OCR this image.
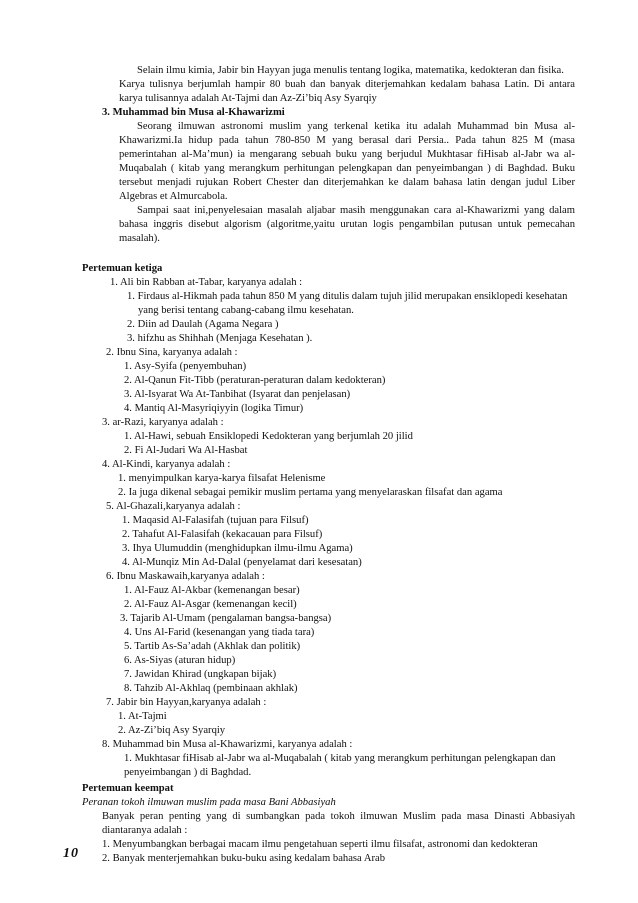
Selain ilmu kimia, Jabir bin Hayyan juga menulis tentang logika, matematika, kedokteran dan fisika.
Karya tulisnya berjumlah hampir 80 buah dan banyak diterjemahkan kedalam bahasa Latin. Di antara
karya tulisannya adalah At-Tajmi dan Az-Zi’biq Asy Syarqiy
3. Muhammad bin Musa al-Khawarizmi
Seorang ilmuwan astronomi muslim yang terkenal ketika itu adalah Muhammad bin Musa al-
Khawarizmi.Ia hidup pada tahun 780-850 M yang berasal dari Persia.. Pada tahun 825 M (masa
pemerintahan al-Ma’mun) ia mengarang sebuah buku yang berjudul Mukhtasar fiHisab al-Jabr wa al-
Muqabalah ( kitab yang merangkum perhitungan pelengkapan dan penyeimbangan ) di Baghdad. Buku
tersebut menjadi rujukan Robert Chester dan diterjemahkan ke dalam bahasa latin dengan judul Liber
Algebras et Almurcabola.
Sampai saat ini,penyelesaian masalah aljabar masih menggunakan cara al-Khawarizmi yang dalam
bahasa inggris disebut algorism (algoritme,yaitu urutan logis pengambilan putusan untuk pemecahan
masalah).
Pertemuan ketiga
1. Ali bin Rabban at-Tabar, karyanya adalah :
1. Firdaus al-Hikmah pada tahun 850 M yang ditulis dalam tujuh jilid merupakan ensiklopedi kesehatan
yang berisi tentang cabang-cabang ilmu kesehatan.
2. Diin ad Daulah (Agama Negara )
3. hifzhu as Shihhah (Menjaga Kesehatan ).
2. Ibnu Sina, karyanya adalah :
1. Asy-Syifa (penyembuhan)
2. Al-Qanun Fit-Tibb (peraturan-peraturan dalam kedokteran)
3. Al-Isyarat Wa At-Tanbihat (Isyarat dan penjelasan)
4. Mantiq Al-Masyriqiyyin (logika Timur)
3. ar-Razi, karyanya adalah :
1. Al-Hawi, sebuah Ensiklopedi Kedokteran yang berjumlah 20 jilid
2. Fi Al-Judari Wa Al-Hasbat
4. Al-Kindi, karyanya adalah :
1. menyimpulkan karya-karya filsafat Helenisme
2. Ia juga dikenal sebagai pemikir muslim pertama yang menyelaraskan filsafat dan agama
5. Al-Ghazali,karyanya adalah :
1. Maqasid Al-Falasifah (tujuan para Filsuf)
2. Tahafut Al-Falasifah (kekacauan para Filsuf)
3. Ihya Ulumuddin (menghidupkan ilmu-ilmu Agama)
4. Al-Munqiz Min Ad-Dalal (penyelamat dari kesesatan)
6. Ibnu Maskawaih,karyanya adalah :
1. Al-Fauz Al-Akbar (kemenangan besar)
2. Al-Fauz Al-Asgar (kemenangan kecil)
3. Tajarib Al-Umam (pengalaman bangsa-bangsa)
4. Uns Al-Farid (kesenangan yang tiada tara)
5. Tartib As-Sa’adah (Akhlak dan politik)
6. As-Siyas (aturan hidup)
7. Jawidan Khirad (ungkapan bijak)
8. Tahzib Al-Akhlaq (pembinaan akhlak)
7. Jabir bin Hayyan,karyanya adalah :
1. At-Tajmi
2. Az-Zi’biq Asy Syarqiy
8. Muhammad bin Musa al-Khawarizmi, karyanya adalah :
1. Mukhtasar fiHisab al-Jabr wa al-Muqabalah ( kitab yang merangkum perhitungan pelengkapan dan
penyeimbangan ) di Baghdad.
Pertemuan keempat
Peranan tokoh ilmuwan muslim pada masa Bani Abbasiyah
Banyak peran penting yang di sumbangkan pada tokoh ilmuwan Muslim pada masa Dinasti Abbasiyah
diantaranya adalah :
1. Menyumbangkan berbagai macam ilmu pengetahuan seperti ilmu filsafat, astronomi dan kedokteran
2. Banyak menterjemahkan buku-buku asing kedalam bahasa Arab
10
